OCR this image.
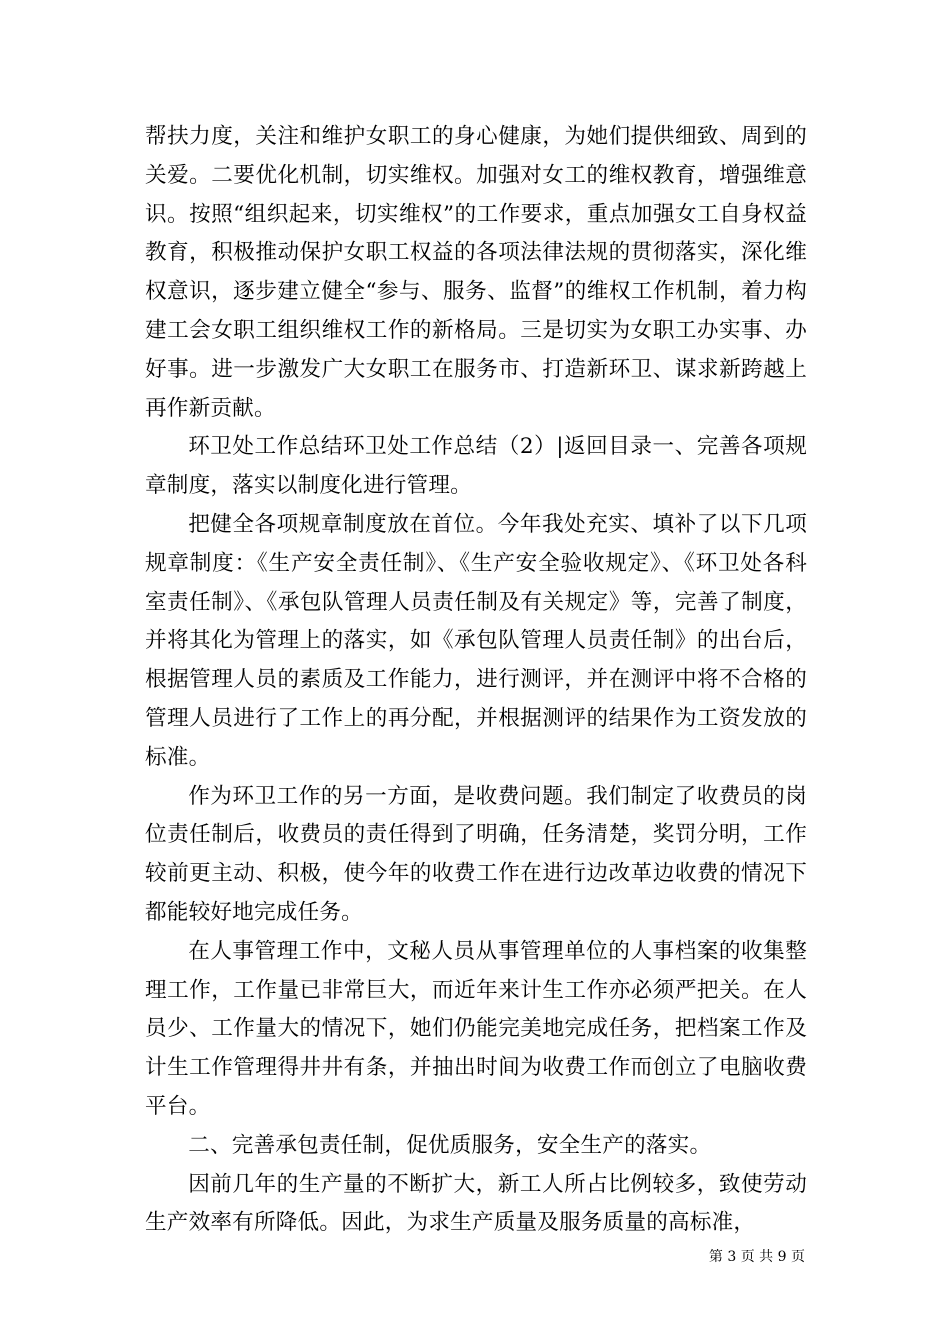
帮扶力度，关注和维护女职工的身心健康，为她们提供细致、周到的关爱。二要优化机制，切实维权。加强对女工的维权教育，增强维意识。按照“组织起来，切实维权”的工作要求，重点加强女工自身权益教育，积极推动保护女职工权益的各项法律法规的贯彻落实，深化维权意识，逐步建立健全“参与、服务、监督”的维权工作机制，着力构建工会女职工组织维权工作的新格局。三是切实为女职工办实事、办好事。进一步激发广大女职工在服务市、打造新环卫、谋求新跨越上再作新贡献。

环卫处工作总结环卫处工作总结（2）|返回目录一、完善各项规章制度，落实以制度化进行管理。

把健全各项规章制度放在首位。今年我处充实、填补了以下几项规章制度：《生产安全责任制》、《生产安全验收规定》、《环卫处各科室责任制》、《承包队管理人员责任制及有关规定》等，完善了制度，并将其化为管理上的落实，如《承包队管理人员责任制》的出台后，根据管理人员的素质及工作能力，进行测评，并在测评中将不合格的管理人员进行了工作上的再分配，并根据测评的结果作为工资发放的标准。

作为环卫工作的另一方面，是收费问题。我们制定了收费员的岗位责任制后，收费员的责任得到了明确，任务清楚，奖罚分明，工作较前更主动、积极，使今年的收费工作在进行边改革边收费的情况下都能较好地完成任务。

在人事管理工作中，文秘人员从事管理单位的人事档案的收集整理工作，工作量已非常巨大，而近年来计生工作亦必须严把关。在人员少、工作量大的情况下，她们仍能完美地完成任务，把档案工作及计生工作管理得井井有条，并抽出时间为收费工作而创立了电脑收费平台。

二、完善承包责任制，促优质服务，安全生产的落实。

因前几年的生产量的不断扩大，新工人所占比例较多，致使劳动生产效率有所降低。因此，为求生产质量及服务质量的高标准，

第 3 页 共 9 页
